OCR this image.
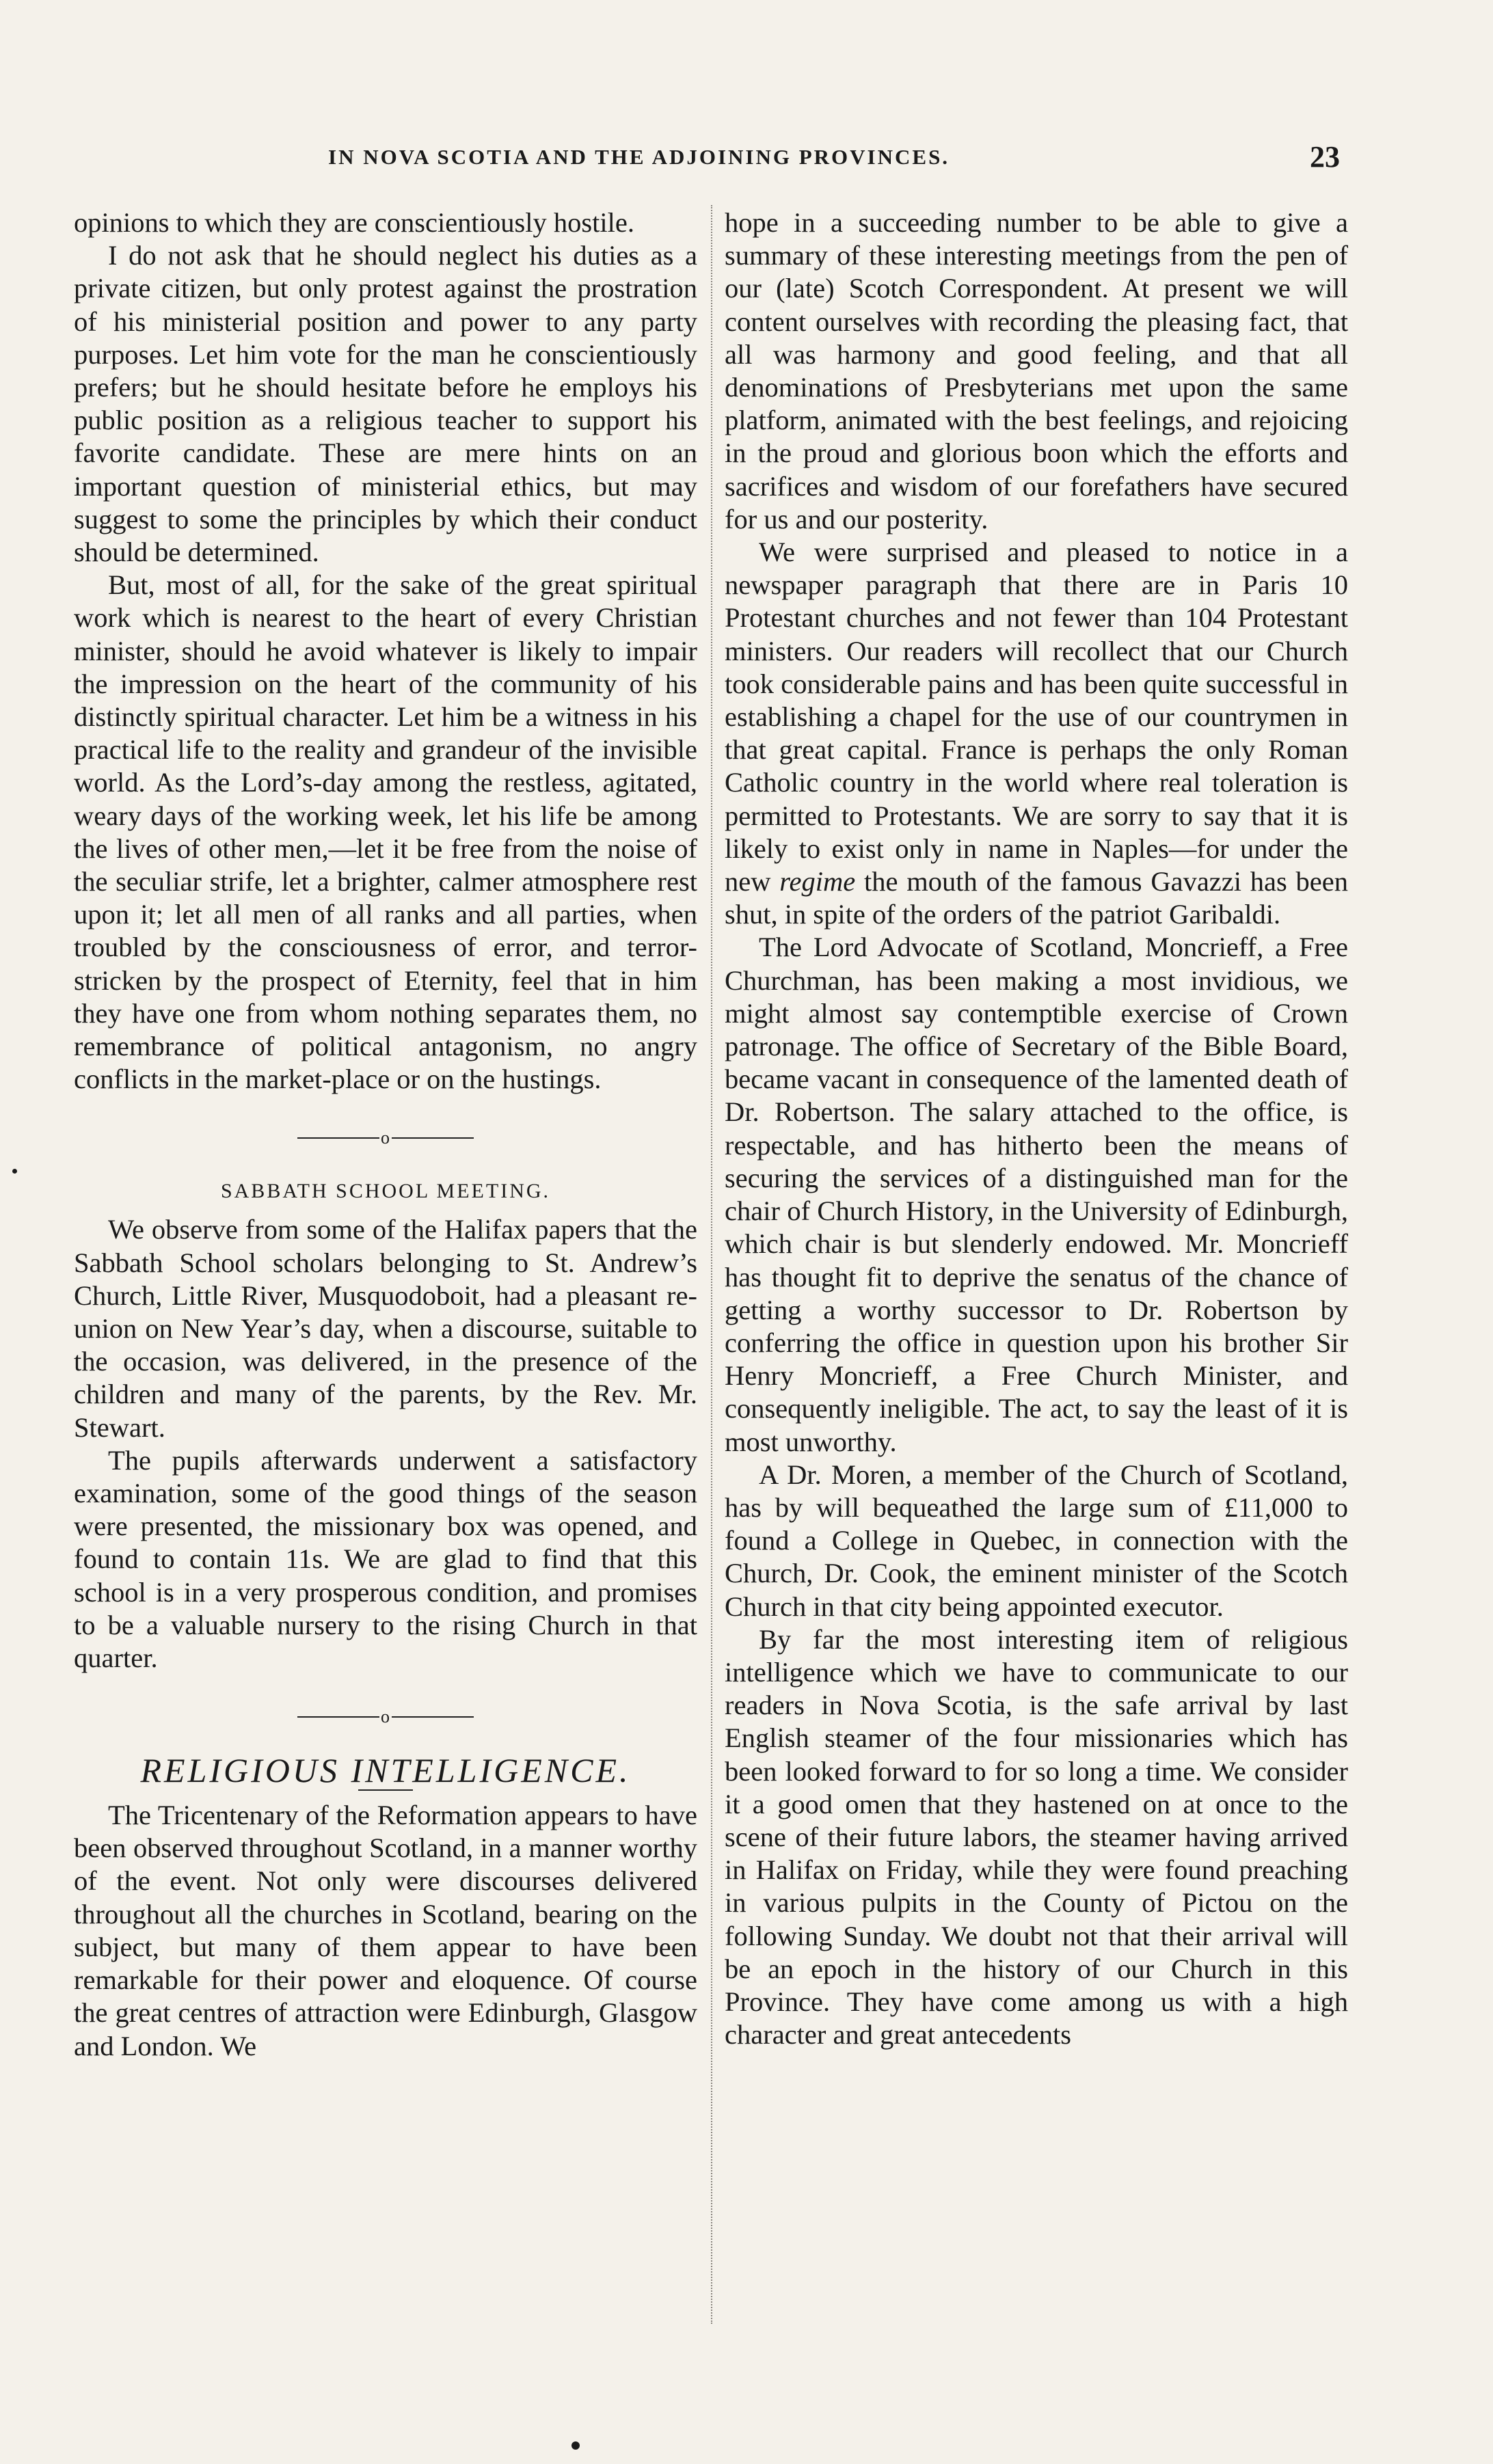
IN NOVA SCOTIA AND THE ADJOINING PROVINCES.	23

opinions to which they are conscientiously hostile.

I do not ask that he should neglect his duties as a private citizen, but only protest against the prostration of his ministerial position and power to any party purposes. Let him vote for the man he conscientiously prefers; but he should hesitate before he employs his public position as a religious teacher to support his favorite candidate. These are mere hints on an important question of ministerial ethics, but may suggest to some the principles by which their conduct should be determined.

But, most of all, for the sake of the great spiritual work which is nearest to the heart of every Christian minister, should he avoid whatever is likely to impair the impression on the heart of the community of his distinctly spiritual character. Let him be a witness in his practical life to the reality and grandeur of the invisible world. As the Lord’s-day among the restless, agitated, weary days of the working week, let his life be among the lives of other men,—let it be free from the noise of the seculiar strife, let a brighter, calmer atmosphere rest upon it; let all men of all ranks and all parties, when troubled by the consciousness of error, and terror-stricken by the prospect of Eternity, feel that in him they have one from whom nothing separates them, no remembrance of political antagonism, no angry conflicts in the market-place or on the hustings.

o
SABBATH SCHOOL MEETING.

We observe from some of the Halifax papers that the Sabbath School scholars belonging to St. Andrew’s Church, Little River, Musquodoboit, had a pleasant re-union on New Year’s day, when a discourse, suitable to the occasion, was delivered, in the presence of the children and many of the parents, by the Rev. Mr. Stewart.

The pupils afterwards underwent a satisfactory examination, some of the good things of the season were presented, the missionary box was opened, and found to contain 11s. We are glad to find that this school is in a very prosperous condition, and promises to be a valuable nursery to the rising Church in that quarter.

o
RELIGIOUS INTELLIGENCE.

The Tricentenary of the Reformation appears to have been observed throughout Scotland, in a manner worthy of the event. Not only were discourses delivered throughout all the churches in Scotland, bearing on the subject, but many of them appear to have been remarkable for their power and eloquence. Of course the great centres of attraction were Edinburgh, Glasgow and London. We

hope in a succeeding number to be able to give a summary of these interesting meetings from the pen of our (late) Scotch Correspondent. At present we will content ourselves with recording the pleasing fact, that all was harmony and good feeling, and that all denominations of Presbyterians met upon the same platform, animated with the best feelings, and rejoicing in the proud and glorious boon which the efforts and sacrifices and wisdom of our forefathers have secured for us and our posterity.

We were surprised and pleased to notice in a newspaper paragraph that there are in Paris 10 Protestant churches and not fewer than 104 Protestant ministers. Our readers will recollect that our Church took considerable pains and has been quite successful in establishing a chapel for the use of our countrymen in that great capital. France is perhaps the only Roman Catholic country in the world where real toleration is permitted to Protestants. We are sorry to say that it is likely to exist only in name in Naples—for under the new regime the mouth of the famous Gavazzi has been shut, in spite of the orders of the patriot Garibaldi.

The Lord Advocate of Scotland, Moncrieff, a Free Churchman, has been making a most invidious, we might almost say contemptible exercise of Crown patronage. The office of Secretary of the Bible Board, became vacant in consequence of the lamented death of Dr. Robertson. The salary attached to the office, is respectable, and has hitherto been the means of securing the services of a distinguished man for the chair of Church History, in the University of Edinburgh, which chair is but slenderly endowed. Mr. Moncrieff has thought fit to deprive the senatus of the chance of getting a worthy successor to Dr. Robertson by conferring the office in question upon his brother Sir Henry Moncrieff, a Free Church Minister, and consequently ineligible. The act, to say the least of it is most unworthy.

A Dr. Moren, a member of the Church of Scotland, has by will bequeathed the large sum of £11,000 to found a College in Quebec, in connection with the Church, Dr. Cook, the eminent minister of the Scotch Church in that city being appointed executor.

By far the most interesting item of religious intelligence which we have to communicate to our readers in Nova Scotia, is the safe arrival by last English steamer of the four missionaries which has been looked forward to for so long a time. We consider it a good omen that they hastened on at once to the scene of their future labors, the steamer having arrived in Halifax on Friday, while they were found preaching in various pulpits in the County of Pictou on the following Sunday. We doubt not that their arrival will be an epoch in the history of our Church in this Province. They have come among us with a high character and great antecedents
